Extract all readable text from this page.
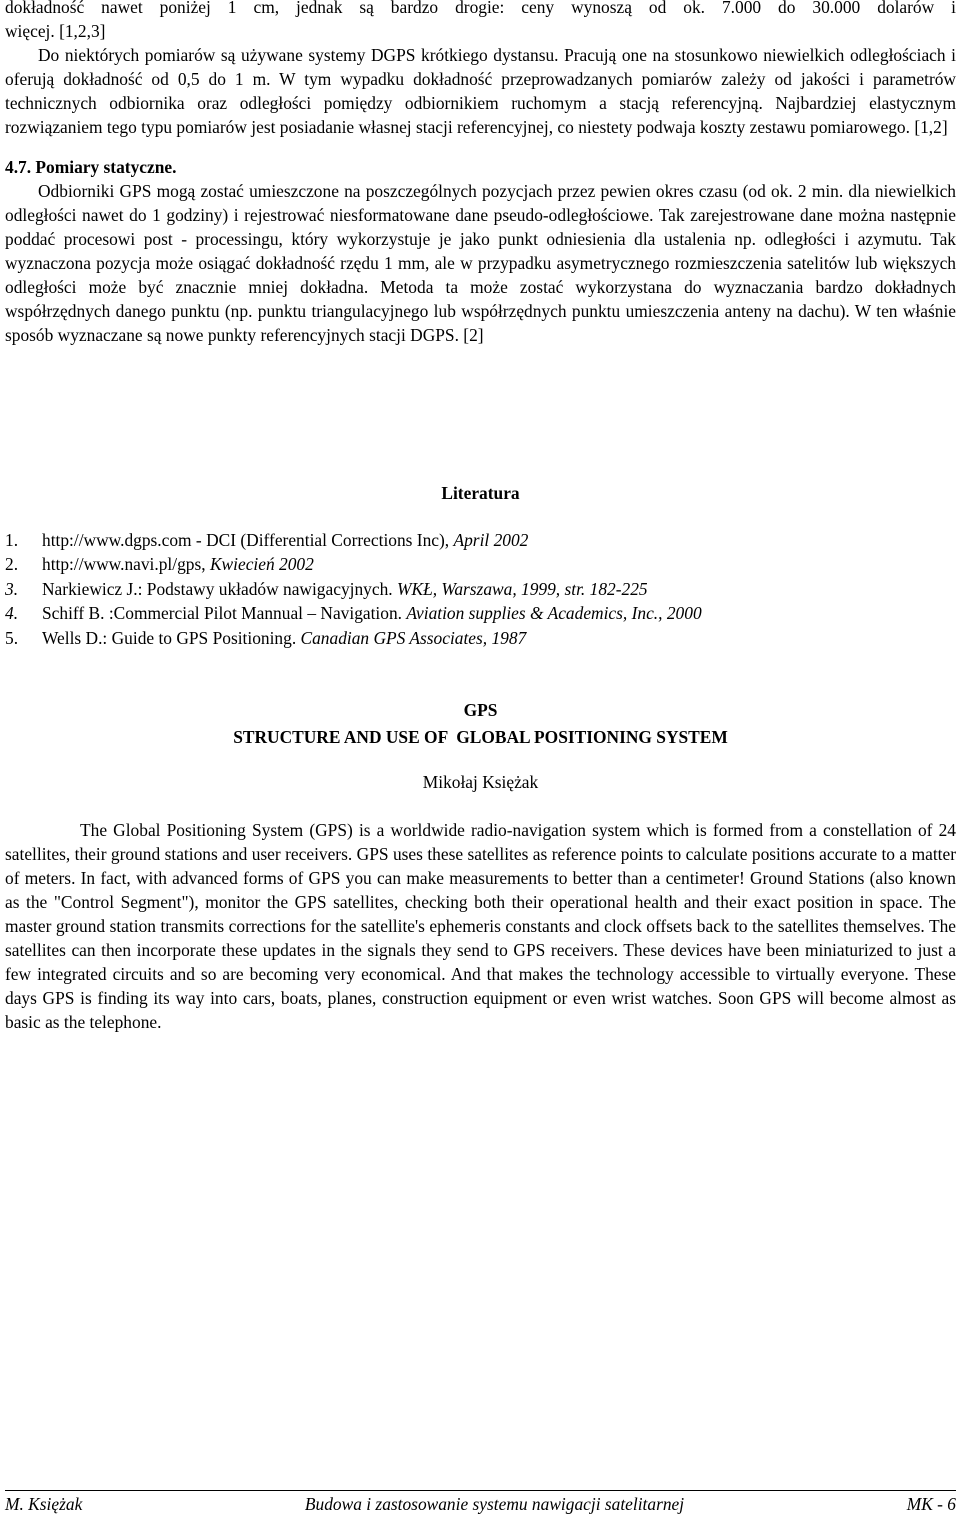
dokładność nawet poniżej 1 cm, jednak są bardzo drogie: ceny wynoszą od ok. 7.000 do 30.000 dolarów i

więcej. [1,2,3]

Do niektórych pomiarów są używane systemy DGPS krótkiego dystansu. Pracują one na stosunkowo niewielkich odległościach i oferują dokładność od 0,5 do 1 m. W tym wypadku dokładność przeprowadzanych pomiarów zależy od jakości i parametrów technicznych odbiornika oraz odległości pomiędzy odbiornikiem ruchomym a stacją referencyjną. Najbardziej elastycznym rozwiązaniem tego typu pomiarów jest posiadanie własnej stacji referencyjnej, co niestety podwaja koszty zestawu pomiarowego. [1,2]

4.7. Pomiary statyczne.

Odbiorniki GPS mogą zostać umieszczone na poszczególnych pozycjach przez pewien okres czasu (od ok. 2 min. dla niewielkich odległości nawet do 1 godziny) i rejestrować niesformatowane dane pseudo-odległościowe. Tak zarejestrowane dane można następnie poddać procesowi post - processingu, który wykorzystuje je jako punkt odniesienia dla ustalenia np. odległości i azymutu. Tak wyznaczona pozycja może osiągać dokładność rzędu 1 mm, ale w przypadku asymetrycznego rozmieszczenia satelitów lub większych odległości może być znacznie mniej dokładna. Metoda ta może zostać wykorzystana do wyznaczania bardzo dokładnych współrzędnych danego punktu (np. punktu triangulacyjnego lub współrzędnych punktu umieszczenia anteny na dachu). W ten właśnie sposób wyznaczane są nowe punkty referencyjnych stacji DGPS. [2]

Literatura
1. http://www.dgps.com - DCI (Differential Corrections Inc), April 2002
2. http://www.navi.pl/gps, Kwiecień 2002
3. Narkiewicz J.: Podstawy układów nawigacyjnych. WKŁ, Warszawa, 1999, str. 182-225
4. Schiff B. :Commercial Pilot Mannual – Navigation. Aviation supplies & Academics, Inc., 2000
5. Wells D.: Guide to GPS Positioning. Canadian GPS Associates, 1987
GPS
STRUCTURE AND USE OF  GLOBAL POSITIONING SYSTEM
Mikołaj Księżak

The Global Positioning System (GPS) is a worldwide radio-navigation system which is formed from a constellation of 24 satellites, their ground stations and user receivers. GPS uses these satellites as reference points to calculate positions accurate to a matter of meters. In fact, with advanced forms of GPS you can make measurements to better than a centimeter! Ground Stations (also known as the "Control Segment"), monitor the GPS satellites, checking both their operational health and their exact position in space. The master ground station transmits corrections for the satellite's ephemeris constants and clock offsets back to the satellites themselves. The satellites can then incorporate these updates in the signals they send to GPS receivers. These devices have been miniaturized to just a few integrated circuits and so are becoming very economical. And that makes the technology accessible to virtually everyone. These days GPS is finding its way into cars, boats, planes, construction equipment or even wrist watches. Soon GPS will become almost as basic as the telephone.

M. Księżak	Budowa i zastosowanie systemu nawigacji satelitarnej	MK - 6
